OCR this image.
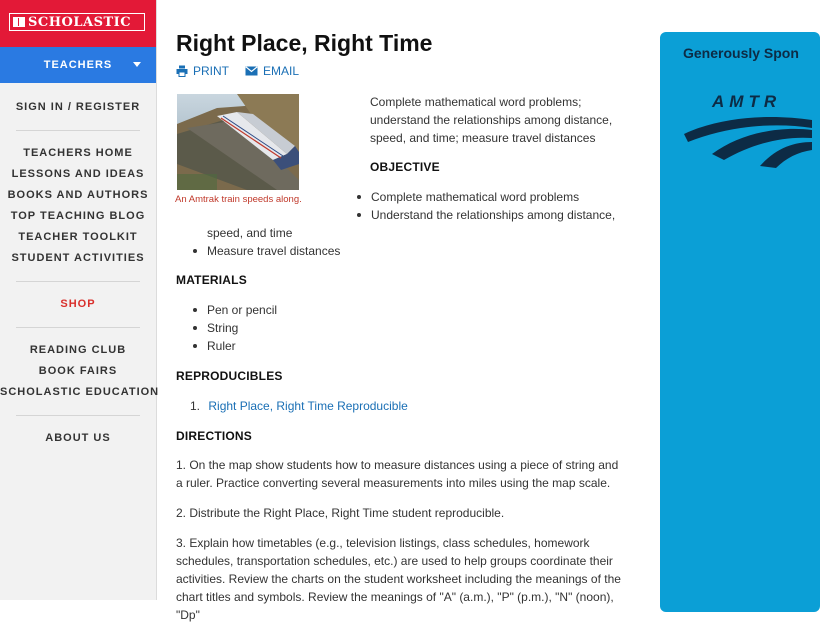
SCHOLASTIC
TEACHERS
SIGN IN / REGISTER
TEACHERS HOME
LESSONS AND IDEAS
BOOKS AND AUTHORS
TOP TEACHING BLOG
TEACHER TOOLKIT
STUDENT ACTIVITIES
SHOP
READING CLUB
BOOK FAIRS
SCHOLASTIC EDUCATION
ABOUT US
Right Place, Right Time
PRINT	EMAIL
An Amtrak train speeds along.

Complete mathematical word problems; understand the relationships among distance, speed, and time; measure travel distances

OBJECTIVE
Complete mathematical word problems
Understand the relationships among distance,
speed, and time
Measure travel distances
MATERIALS
Pen or pencil
String
Ruler
REPRODUCIBLES
1. Right Place, Right Time Reproducible
DIRECTIONS

1. On the map show students how to measure distances using a piece of string and a ruler. Practice converting several measurements into miles using the map scale.

2. Distribute the Right Place, Right Time student reproducible.

3. Explain how timetables (e.g., television listings, class schedules, homework schedules, transportation schedules, etc.) are used to help groups coordinate their activities. Review the charts on the student worksheet including the meanings of the chart titles and symbols. Review the meanings of "A" (a.m.), "P" (p.m.), "N" (noon), "Dp"

Generously Spon
AMTR
